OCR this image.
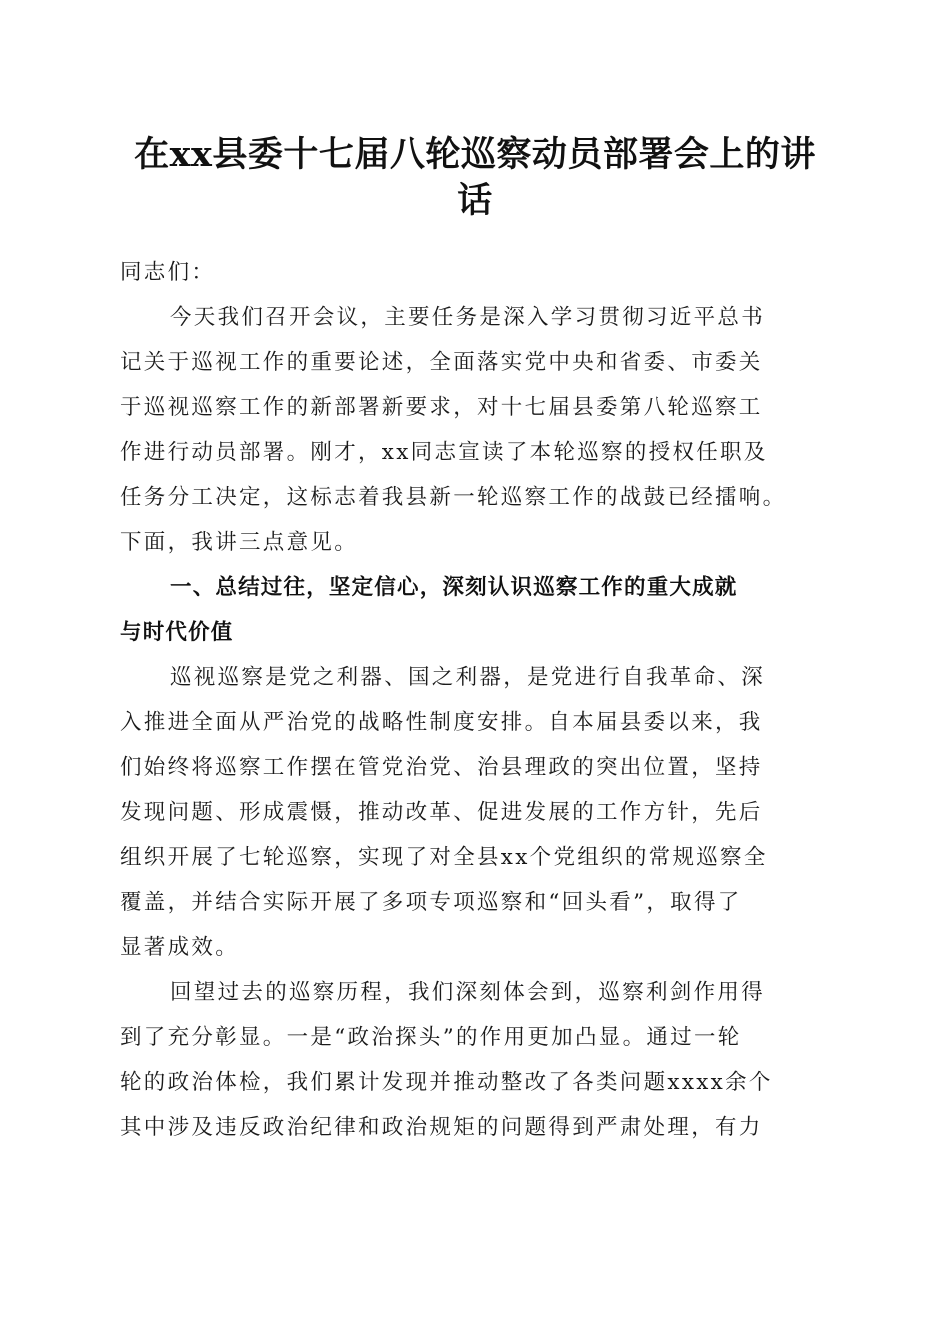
在xx县委十七届八轮巡察动员部署会上的讲
话
同志们：
今天我们召开会议，主要任务是深入学习贯彻习近平总书
记关于巡视工作的重要论述，全面落实党中央和省委、市委关
于巡视巡察工作的新部署新要求，对十七届县委第八轮巡察工
作进行动员部署。刚才，xx同志宣读了本轮巡察的授权任职及
任务分工决定，这标志着我县新一轮巡察工作的战鼓已经擂响。
下面，我讲三点意见。
一、总结过往，坚定信心，深刻认识巡察工作的重大成就
与时代价值
巡视巡察是党之利器、国之利器，是党进行自我革命、深
入推进全面从严治党的战略性制度安排。自本届县委以来，我
们始终将巡察工作摆在管党治党、治县理政的突出位置，坚持
发现问题、形成震慑，推动改革、促进发展的工作方针，先后
组织开展了七轮巡察，实现了对全县xx个党组织的常规巡察全
覆盖，并结合实际开展了多项专项巡察和“回头看”，取得了
显著成效。
回望过去的巡察历程，我们深刻体会到，巡察利剑作用得
到了充分彰显。一是“政治探头”的作用更加凸显。通过一轮
轮的政治体检，我们累计发现并推动整改了各类问题xxxx余个
其中涉及违反政治纪律和政治规矩的问题得到严肃处理，有力
